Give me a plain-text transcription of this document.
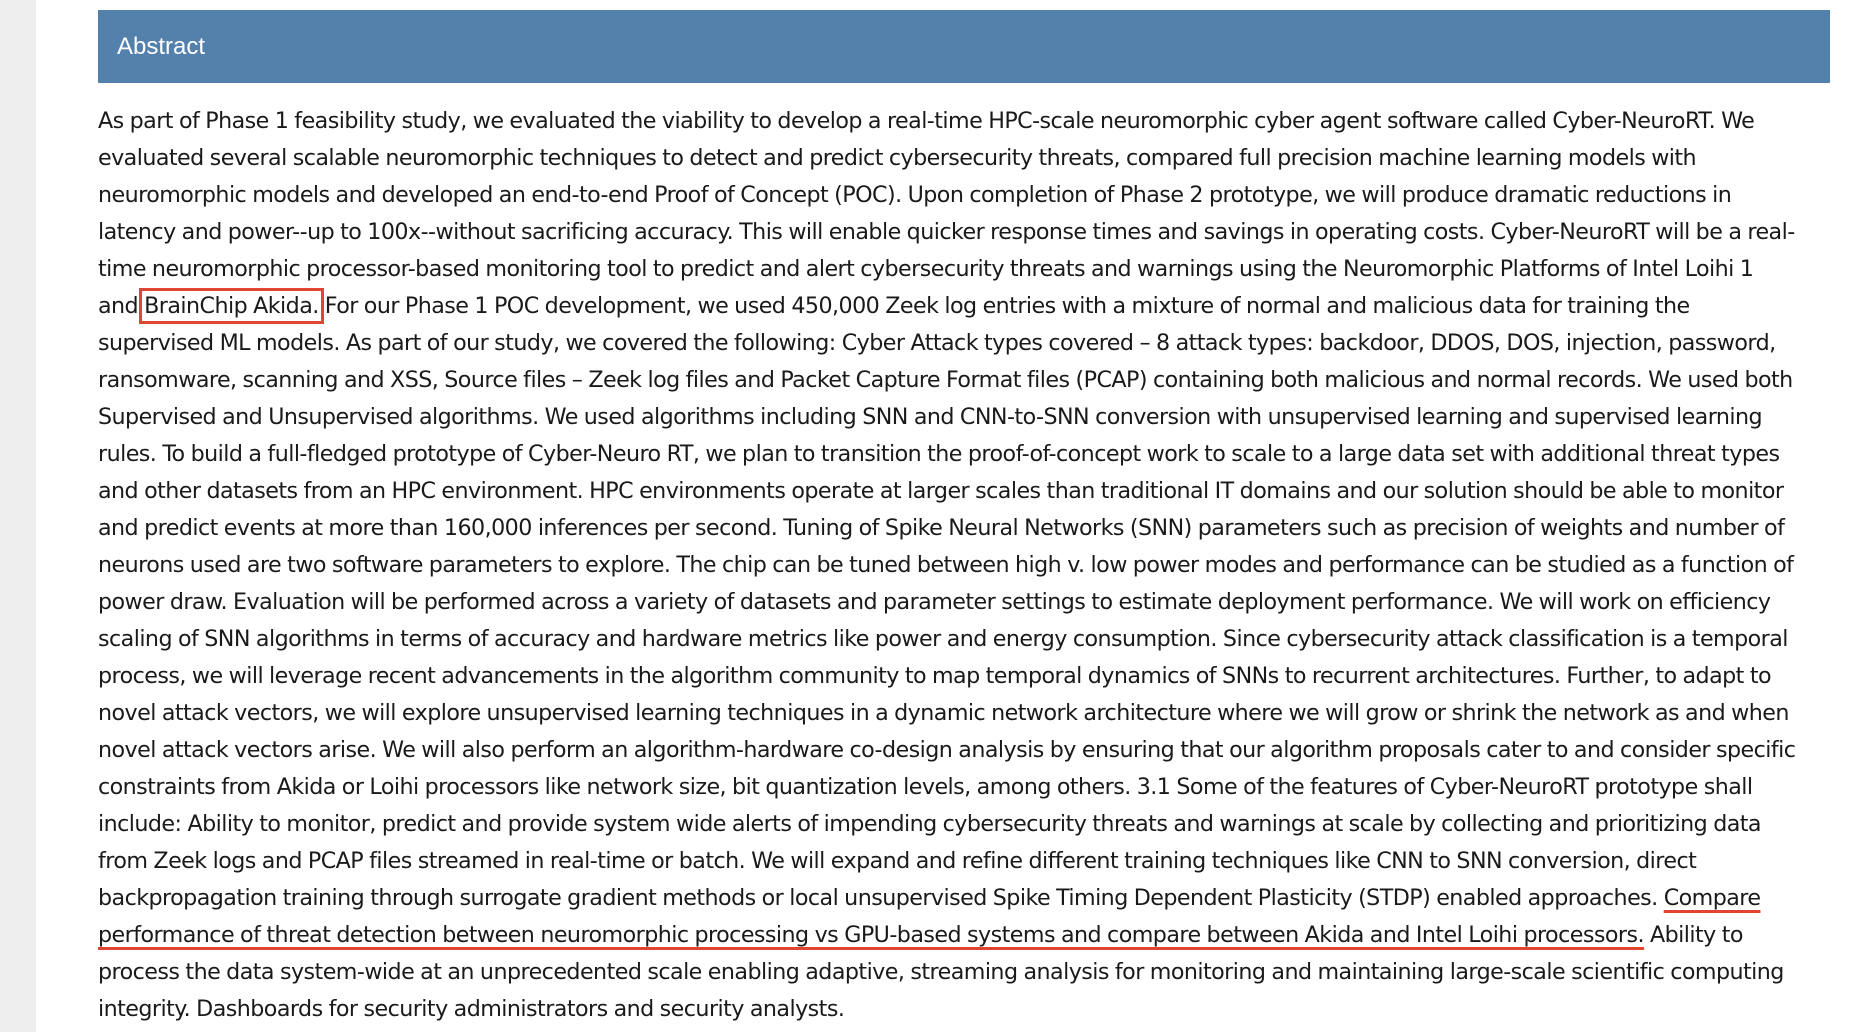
Abstract
As part of Phase 1 feasibility study, we evaluated the viability to develop a real-time HPC-scale neuromorphic cyber agent software called Cyber-NeuroRT. We
evaluated several scalable neuromorphic techniques to detect and predict cybersecurity threats, compared full precision machine learning models with
neuromorphic models and developed an end-to-end Proof of Concept (POC). Upon completion of Phase 2 prototype, we will produce dramatic reductions in
latency and power--up to 100x--without sacrificing accuracy. This will enable quicker response times and savings in operating costs. Cyber-NeuroRT will be a real-
time neuromorphic processor-based monitoring tool to predict and alert cybersecurity threats and warnings using the Neuromorphic Platforms of Intel Loihi 1
and BrainChip Akida. For our Phase 1 POC development, we used 450,000 Zeek log entries with a mixture of normal and malicious data for training the
supervised ML models. As part of our study, we covered the following: Cyber Attack types covered – 8 attack types: backdoor, DDOS, DOS, injection, password,
ransomware, scanning and XSS, Source files – Zeek log files and Packet Capture Format files (PCAP) containing both malicious and normal records. We used both
Supervised and Unsupervised algorithms. We used algorithms including SNN and CNN-to-SNN conversion with unsupervised learning and supervised learning
rules. To build a full-fledged prototype of Cyber-Neuro RT, we plan to transition the proof-of-concept work to scale to a large data set with additional threat types
and other datasets from an HPC environment. HPC environments operate at larger scales than traditional IT domains and our solution should be able to monitor
and predict events at more than 160,000 inferences per second. Tuning of Spike Neural Networks (SNN) parameters such as precision of weights and number of
neurons used are two software parameters to explore. The chip can be tuned between high v. low power modes and performance can be studied as a function of
power draw. Evaluation will be performed across a variety of datasets and parameter settings to estimate deployment performance. We will work on efficiency
scaling of SNN algorithms in terms of accuracy and hardware metrics like power and energy consumption. Since cybersecurity attack classification is a temporal
process, we will leverage recent advancements in the algorithm community to map temporal dynamics of SNNs to recurrent architectures. Further, to adapt to
novel attack vectors, we will explore unsupervised learning techniques in a dynamic network architecture where we will grow or shrink the network as and when
novel attack vectors arise. We will also perform an algorithm-hardware co-design analysis by ensuring that our algorithm proposals cater to and consider specific
constraints from Akida or Loihi processors like network size, bit quantization levels, among others. 3.1 Some of the features of Cyber-NeuroRT prototype shall
include: Ability to monitor, predict and provide system wide alerts of impending cybersecurity threats and warnings at scale by collecting and prioritizing data
from Zeek logs and PCAP files streamed in real-time or batch. We will expand and refine different training techniques like CNN to SNN conversion, direct
backpropagation training through surrogate gradient methods or local unsupervised Spike Timing Dependent Plasticity (STDP) enabled approaches. Compare
performance of threat detection between neuromorphic processing vs GPU-based systems and compare between Akida and Intel Loihi processors. Ability to
process the data system-wide at an unprecedented scale enabling adaptive, streaming analysis for monitoring and maintaining large-scale scientific computing
integrity. Dashboards for security administrators and security analysts.
